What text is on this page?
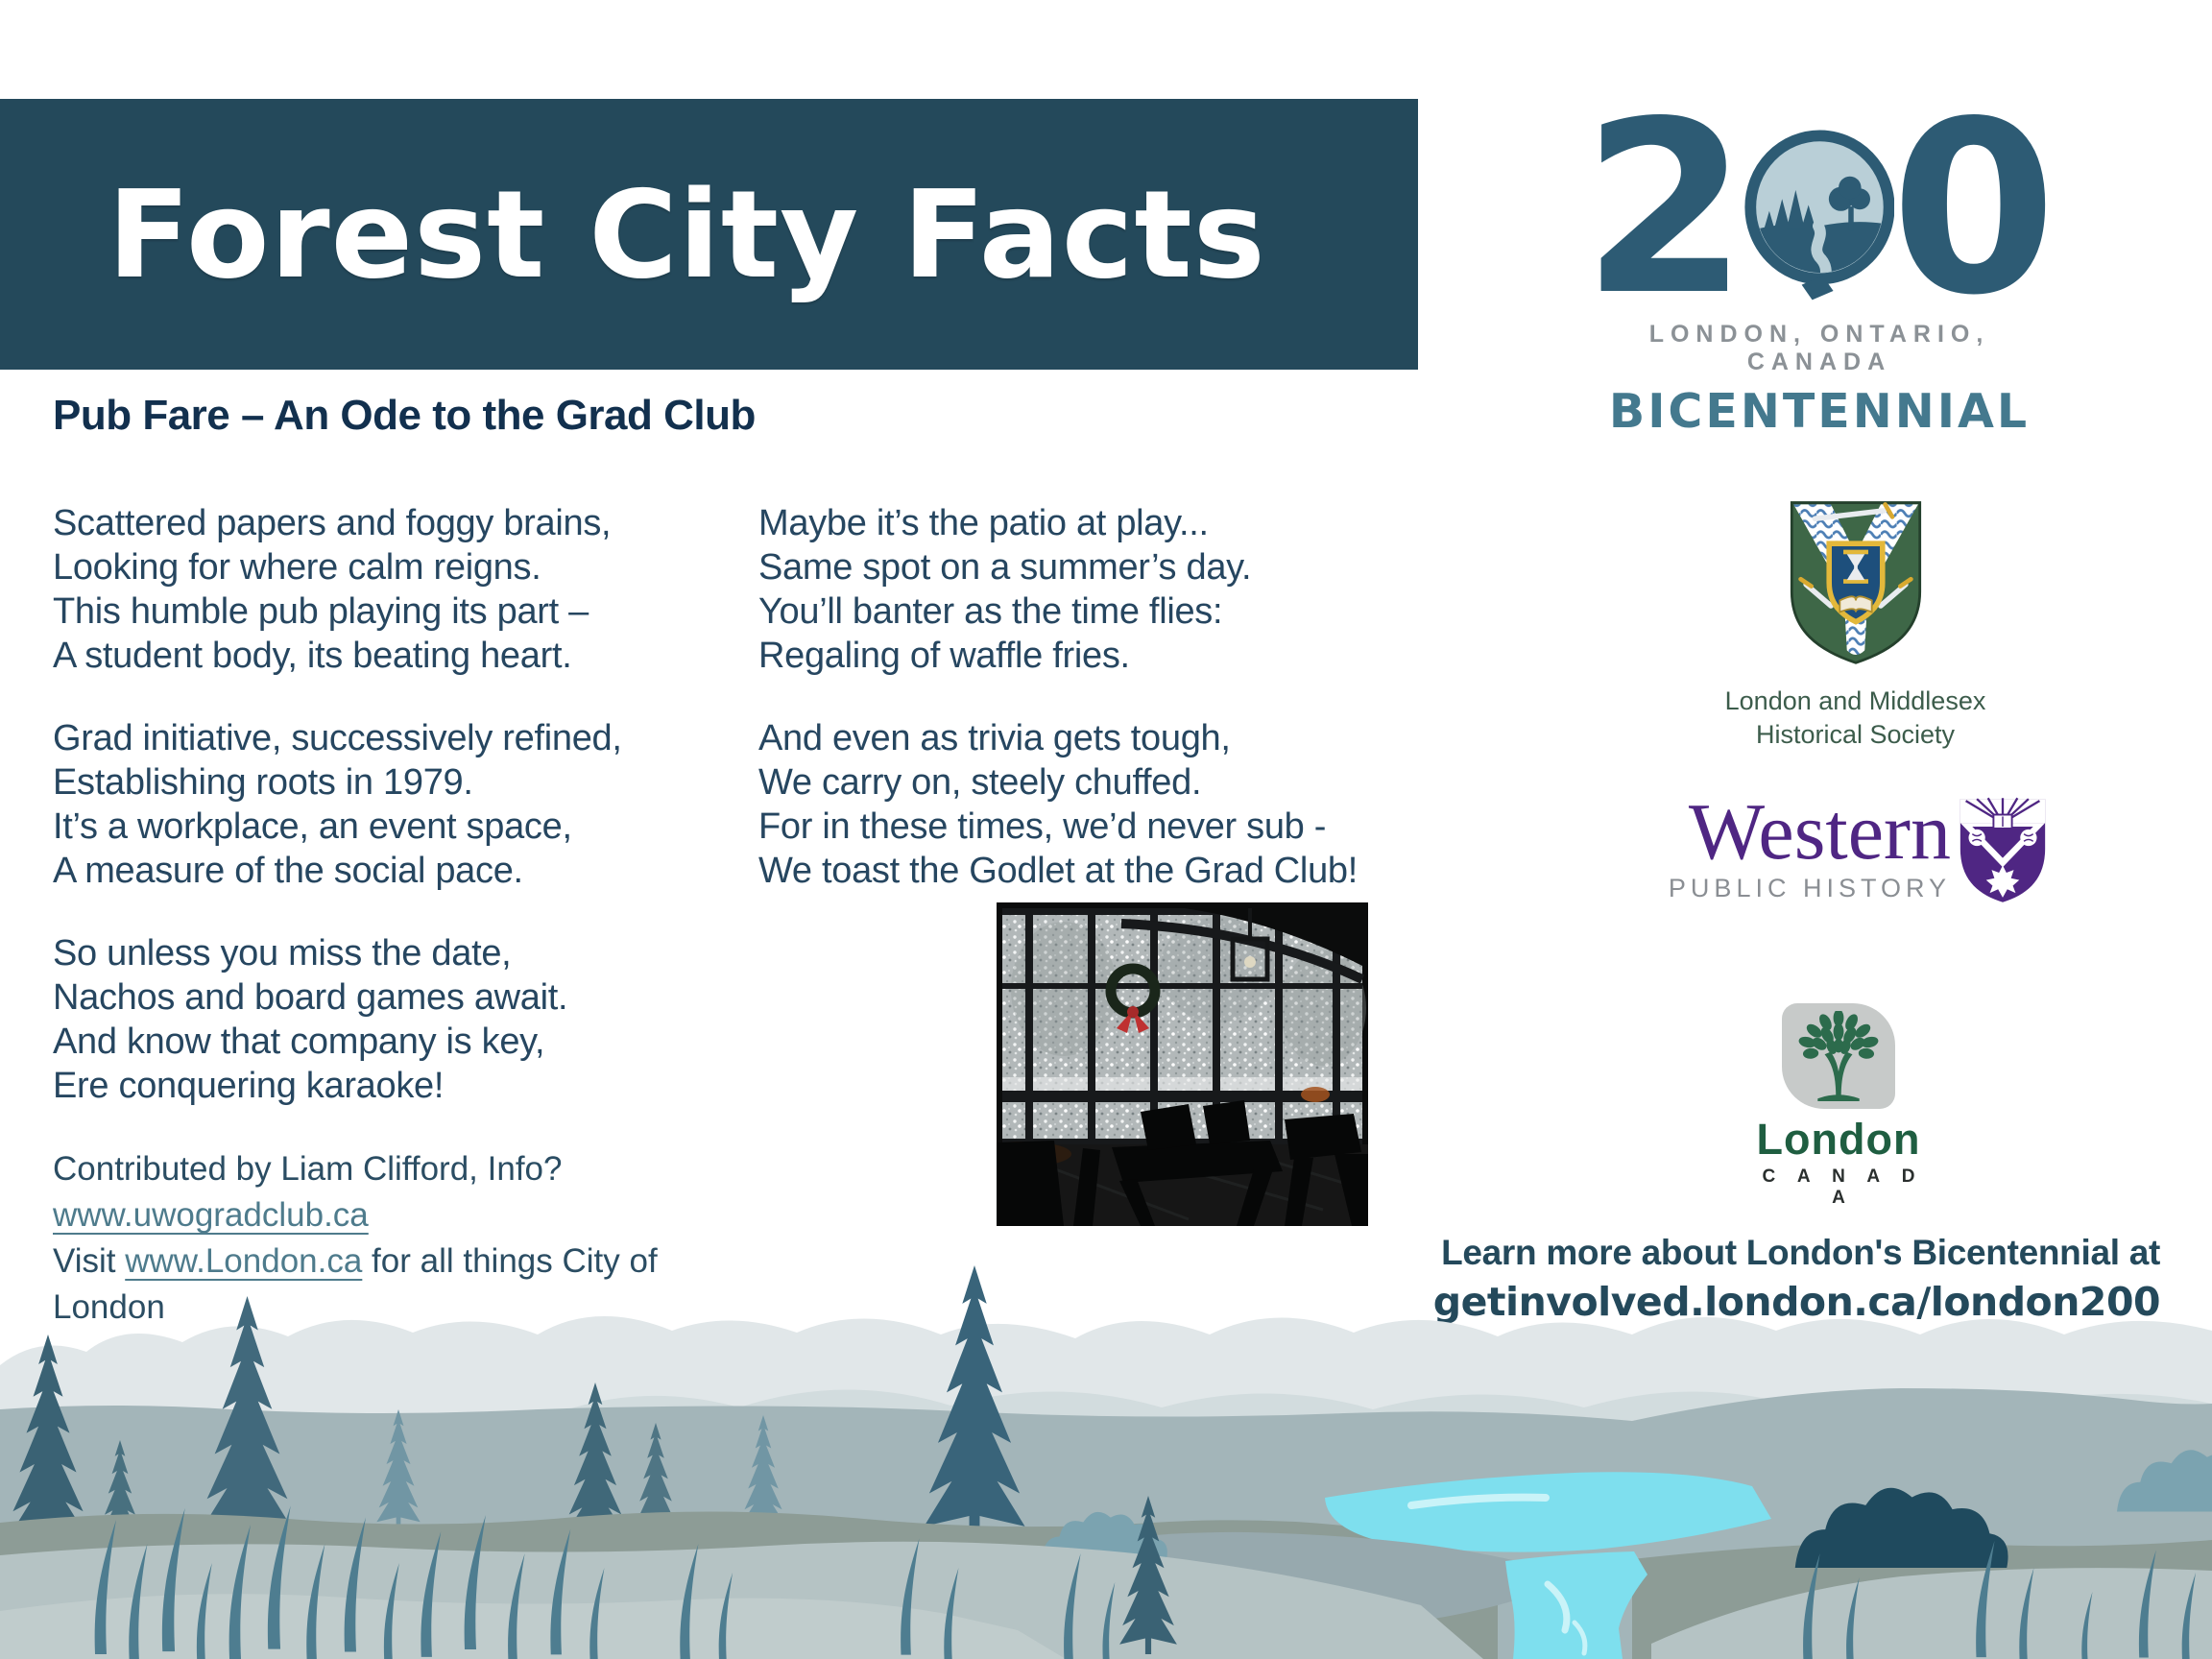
Forest City Facts 2 0
LONDON, ONTARIO, CANADA
BICENTENNIAL
Pub Fare – An Ode to the Grad Club

Scattered papers and foggy brains,

Looking for where calm reigns.

This humble pub playing its part –

A student body, its beating heart.

Grad initiative, successively refined,

Establishing roots in 1979.

It’s a workplace, an event space,

A measure of the social pace.

So unless you miss the date,

Nachos and board games await.

And know that company is key,

Ere conquering karaoke!

Contributed by Liam Clifford, Info? www.uwogradclub.ca
Visit www.London.ca for all things City of London

Maybe it’s the patio at play...

Same spot on a summer’s day.

You’ll banter as the time flies:

Regaling of waffle fries.

And even as trivia gets tough,

We carry on, steely chuffed.

For in these times, we’d never sub -

We toast the Godlet at the Grad Club!

London and Middlesex
Historical Society
Western
PUBLIC HISTORY
London
C A N A D A
Learn more about London's Bicentennial at
getinvolved.london.ca/london200
